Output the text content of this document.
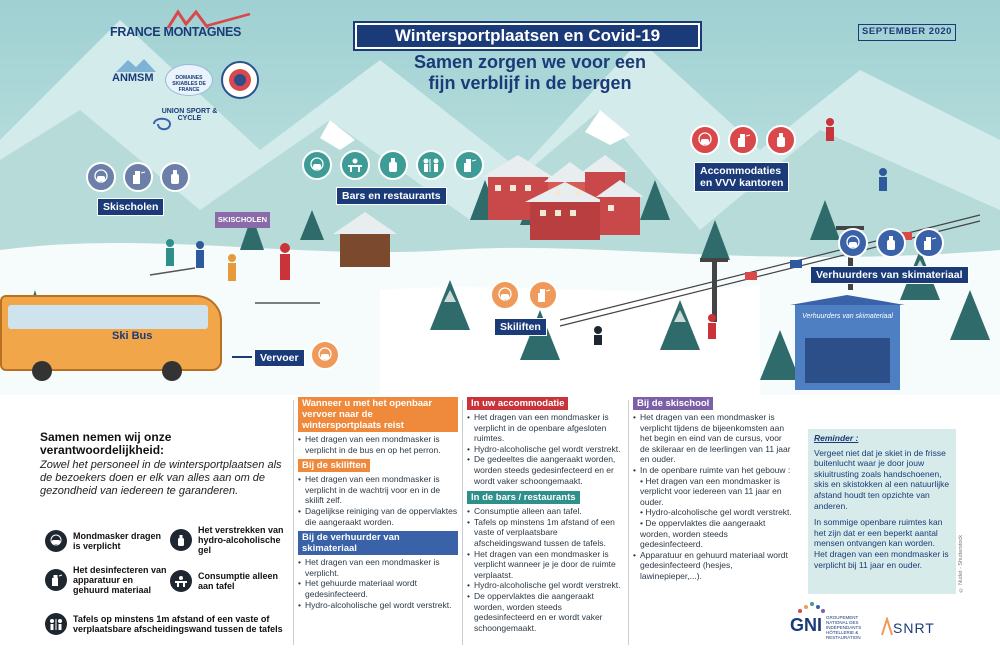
FRANCE MONTAGNES
ANMSM	DOMAINES SKIABLES DE FRANCE
UNION SPORT & CYCLE
Wintersportplaatsen en Covid-19
Samen zorgen we voor een
fijn verblijf in de bergen
SEPTEMBER 2020
Skischolen
SKISCHOLEN
Bars en restaurants
Accommodaties
en VVV kantoren
Verhuurders van skimateriaal
Verhuurders van skimateriaal
Skiliften
Ski Bus
Vervoer
Samen nemen wij onze verantwoordelijkheid:
Zowel het personeel in de wintersportplaatsen als de bezoekers doen er elk van alles aan om de gezondheid van iedereen te garanderen.
Mondmasker dragen is verplicht
Het verstrekken van hydro-alcoholische gel
Het desinfecteren van apparatuur en gehuurd materiaal
Consumptie alleen aan tafel
Tafels op minstens 1m afstand of een vaste of verplaatsbare afscheidingswand tussen de tafels
Wanneer u met het openbaar vervoer naar de wintersportplaats reist
• Het dragen van een mondmasker is verplicht in de bus en op het perron.
Bij de skiliften
• Het dragen van een mondmasker is verplicht in de wachtrij voor en in de skilift zelf.
• Dagelijkse reiniging van de oppervlaktes die aangeraakt worden.
Bij de verhuurder van skimateriaal
• Het dragen van een mondmasker is verplicht.
• Het gehuurde materiaal wordt gedesinfecteerd.
• Hydro-alcoholische gel wordt verstrekt.
In uw accommodatie
• Het dragen van een mondmasker is verplicht in de openbare afgesloten ruimtes.
• Hydro-alcoholische gel wordt verstrekt.
• De gedeeltes die aangeraakt worden, worden steeds gedesinfecteerd en er wordt vaker schoongemaakt.
In de bars / restaurants
• Consumptie alleen aan tafel.
• Tafels op minstens 1m afstand of een vaste of verplaatsbare afscheidingswand tussen de tafels.
• Het dragen van een mondmasker is verplicht wanneer je je door de ruimte verplaatst.
• Hydro-alcoholische gel wordt verstrekt.
• De oppervlaktes die aangeraakt worden, worden steeds gedesinfecteerd en er wordt vaker schoongemaakt.
Bij de skischool
• Het dragen van een mondmasker is verplicht tijdens de bijeenkomsten aan het begin en eind van de cursus, voor de skileraar en de leerlingen van 11 jaar en ouder.
• In de openbare ruimte van het gebouw :

• Het dragen van een mondmasker is verplicht voor iedereen van 11 jaar en ouder.

• Hydro-alcoholische gel wordt verstrekt.

• De oppervlaktes die aangeraakt worden, worden steeds gedesinfecteerd.

• Apparatuur en gehuurd materiaal wordt gedesinfecteerd (hesjes, lawinepieper,...).
Reminder :
Vergeet niet dat je skiet in de frisse buitenlucht waar je door jouw skiuitrusting zoals handschoenen, skis en skistokken al een natuurlijke afstand houdt ten opzichte van anderen.
In sommige openbare ruimtes kan het zijn dat er een beperkt aantal mensen ontvangen kan worden. Het dragen van een mondmasker is verplicht bij 11 jaar en ouder.	© Nutlet - Shutterstock
GNI GROUPEMENT NATIONAL DES INDÉPENDANTS HÔTELLERIE & RESTAURATION
SNRT
